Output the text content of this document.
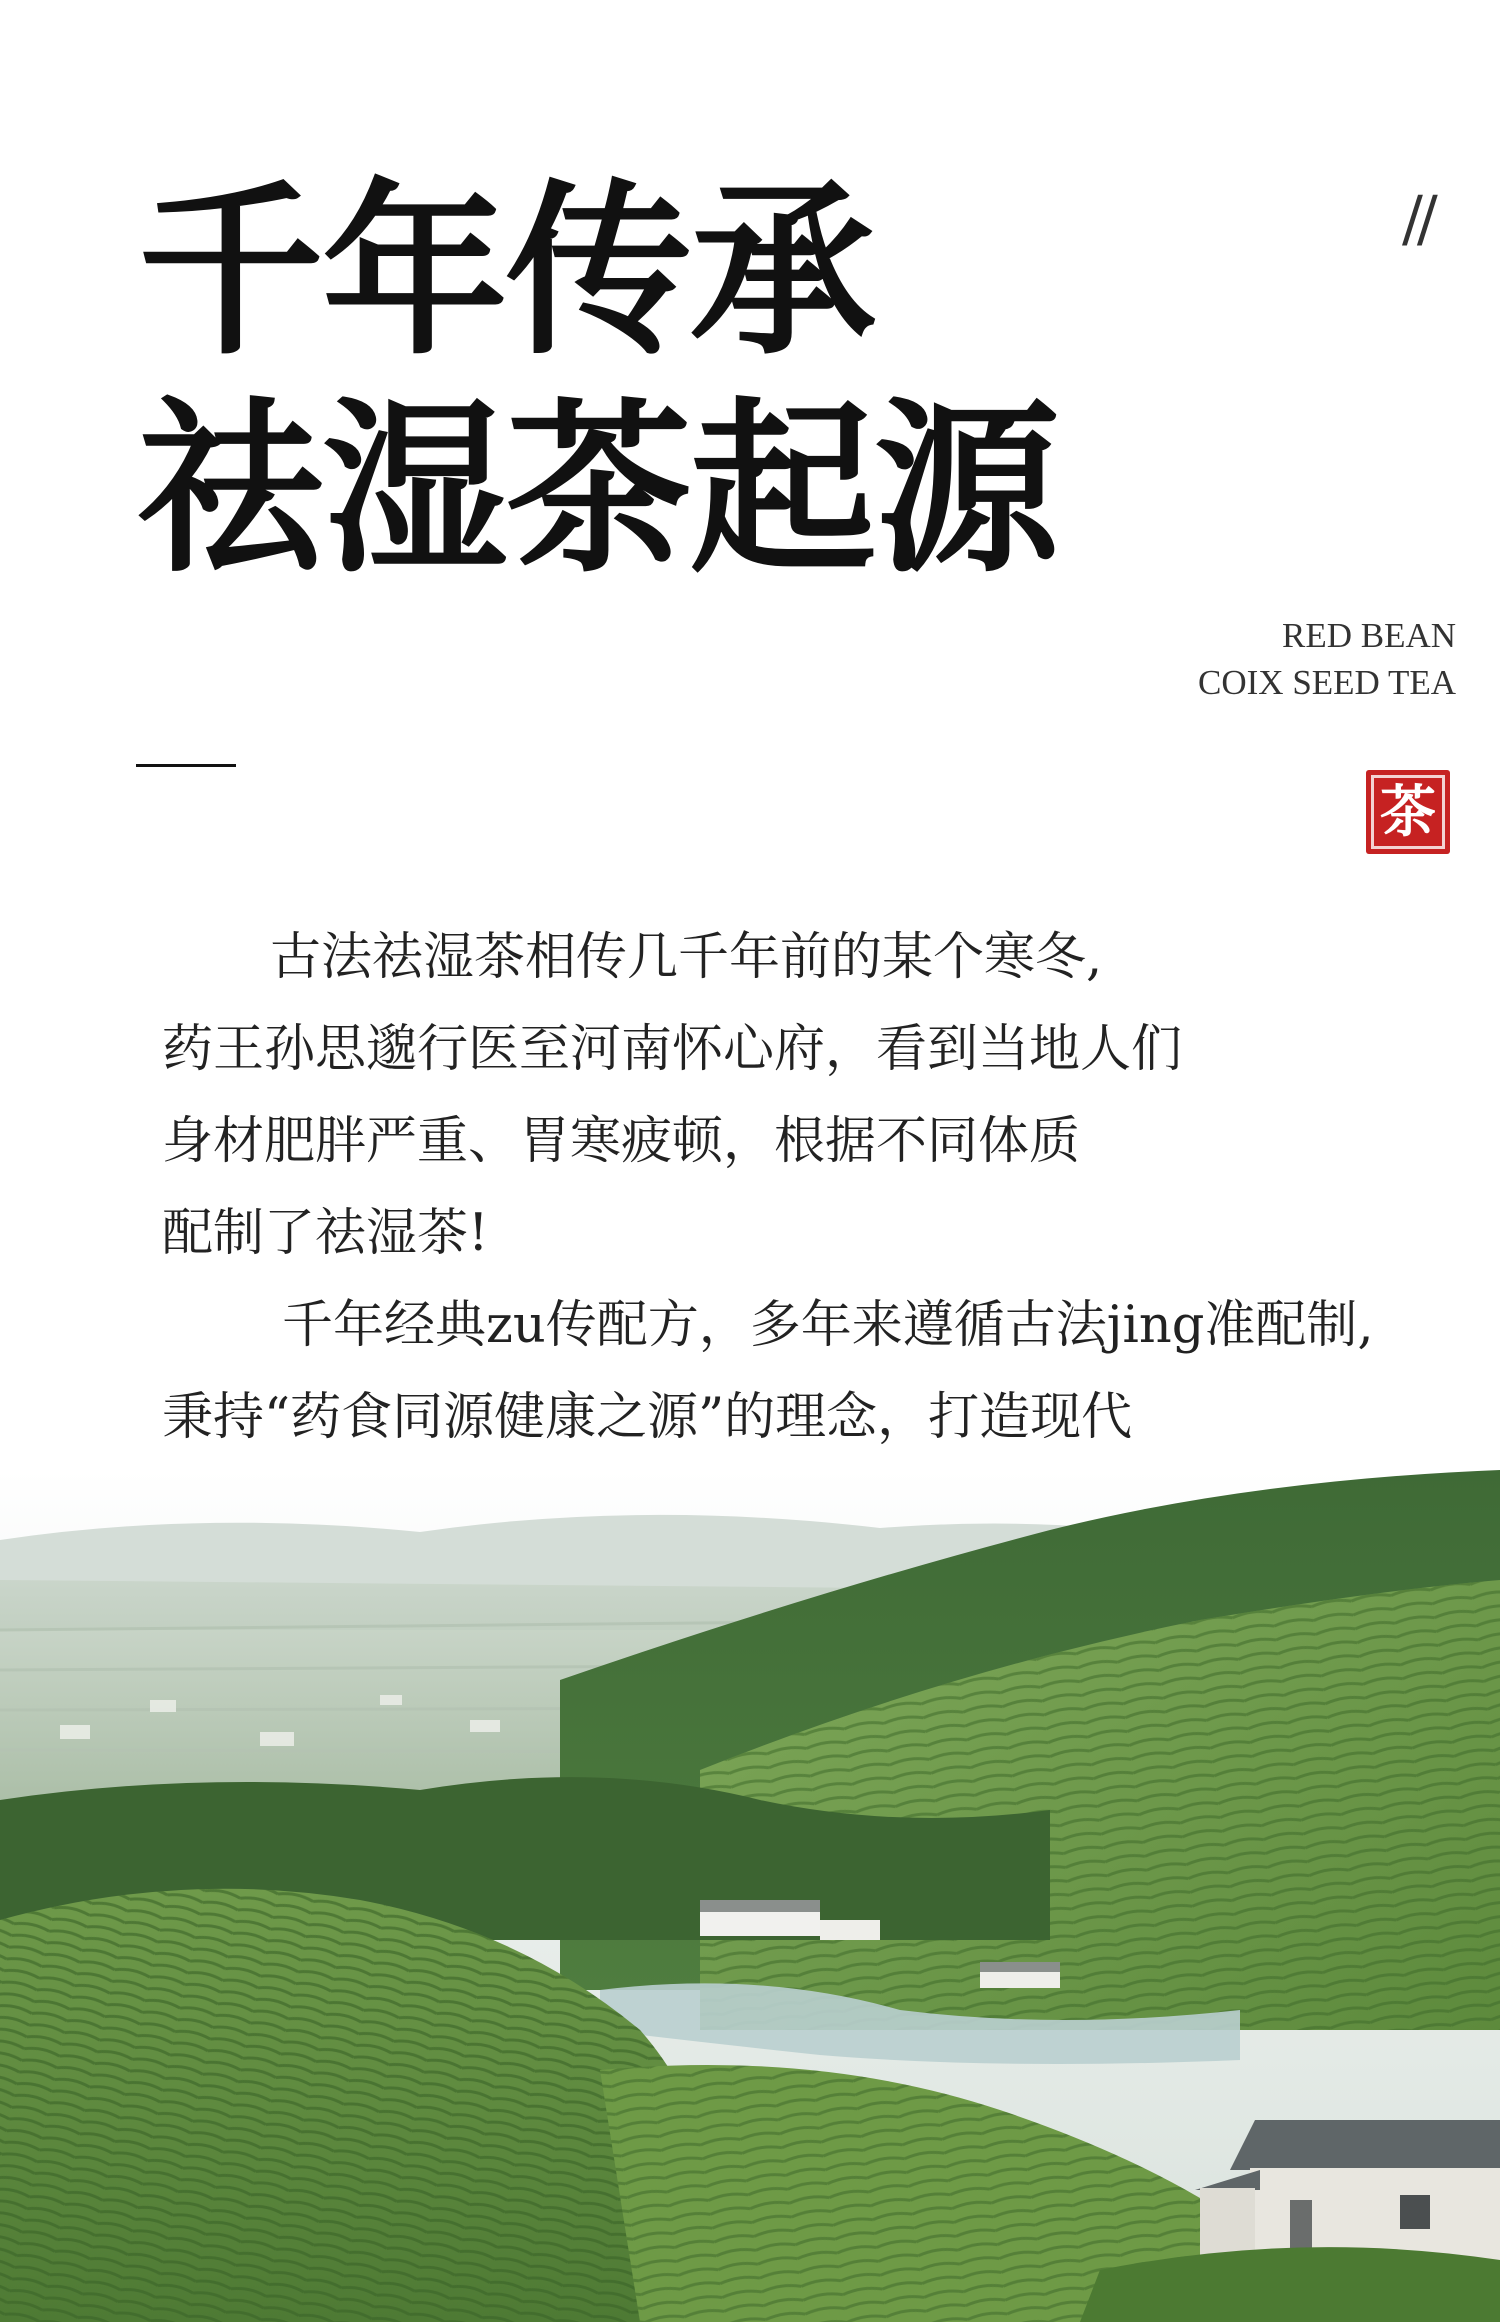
千年传承
祛湿茶起源
//
RED BEAN
COIX SEED TEA
茶
古法祛湿茶相传几千年前的某个寒冬,
药王孙思邈行医至河南怀心府，看到当地人们
身材肥胖严重、胃寒疲顿，根据不同体质
配制了祛湿茶!
千年经典zu传配方，多年来遵循古法jing准配制,
秉持“药食同源健康之源”的理念，打造现代
